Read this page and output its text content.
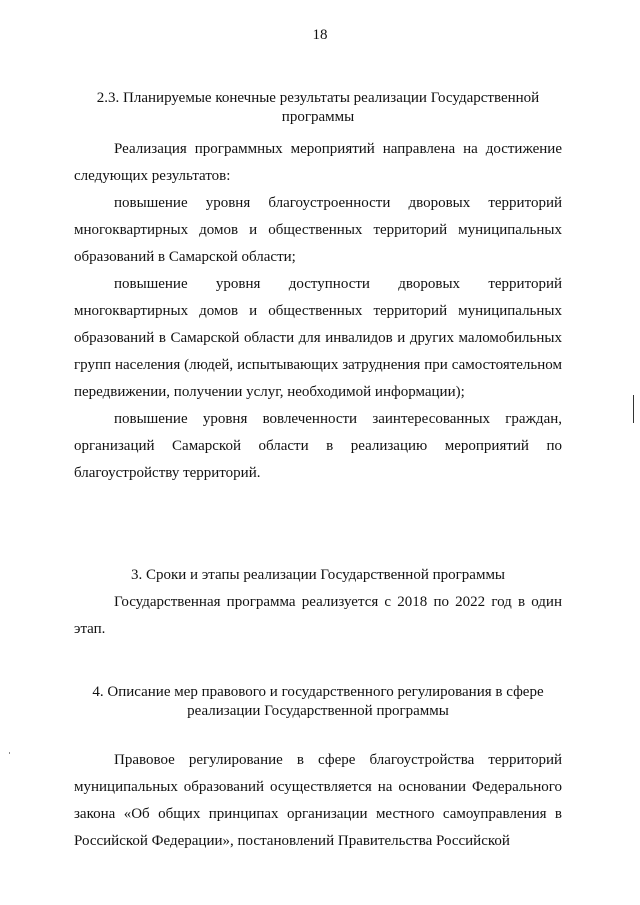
18
2.3. Планируемые конечные результаты реализации Государственной программы

Реализация программных мероприятий направлена на достижение следующих результатов:

повышение уровня благоустроенности дворовых территорий многоквартирных домов и общественных территорий муниципальных образований в Самарской области;

повышение уровня доступности дворовых территорий многоквартирных домов и общественных территорий муниципальных образований в Самарской области для инвалидов и других маломобильных групп населения (людей, испытывающих затруднения при самостоятельном передвижении, получении услуг, необходимой информации);

повышение уровня вовлеченности заинтересованных граждан, организаций Самарской области в реализацию мероприятий по благоустройству территорий.

3. Сроки и этапы реализации Государственной программы

Государственная программа реализуется с 2018 по 2022 год в один этап.

4. Описание мер правового и государственного регулирования в сфере реализации Государственной программы

Правовое регулирование в сфере благоустройства территорий муниципальных образований осуществляется на основании Федерального закона «Об общих принципах организации местного самоуправления в Российской Федерации», постановлений Правительства Российской
